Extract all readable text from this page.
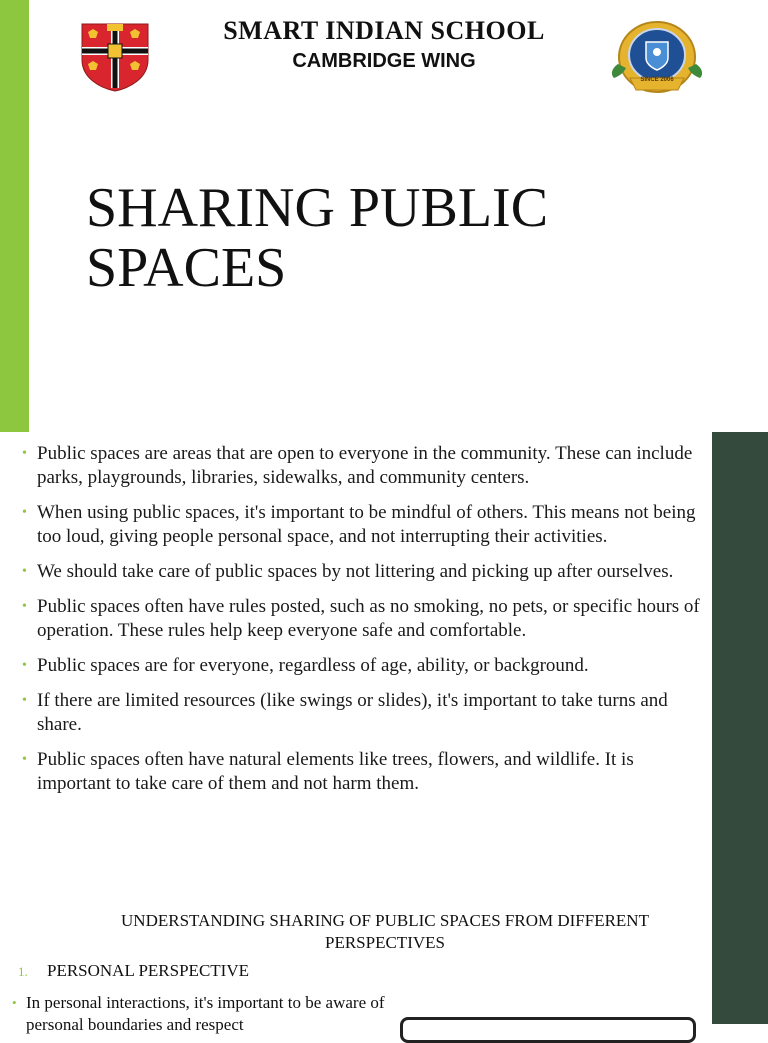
SMART INDIAN SCHOOL
CAMBRIDGE WING
SINCE 2006
SHARING PUBLIC
SPACES
• Public spaces are areas that are open to everyone in the community. These can include parks, playgrounds, libraries, sidewalks, and community centers.
• When using public spaces, it's important to be mindful of others. This means not being too loud, giving people personal space, and not interrupting their activities.
• We should take care of public spaces by not littering and picking up after ourselves.
• Public spaces often have rules posted, such as no smoking, no pets, or specific hours of operation. These rules help keep everyone safe and comfortable.
• Public spaces are for everyone, regardless of age, ability, or background.
• If there are limited resources (like swings or slides), it's important to take turns and share.
• Public spaces often have natural elements like trees, flowers, and wildlife. It is important to take care of them and not harm them.
UNDERSTANDING SHARING OF PUBLIC SPACES FROM DIFFERENT PERSPECTIVES
1. PERSONAL PERSPECTIVE
• In personal interactions, it's important to be aware of personal boundaries and respect
